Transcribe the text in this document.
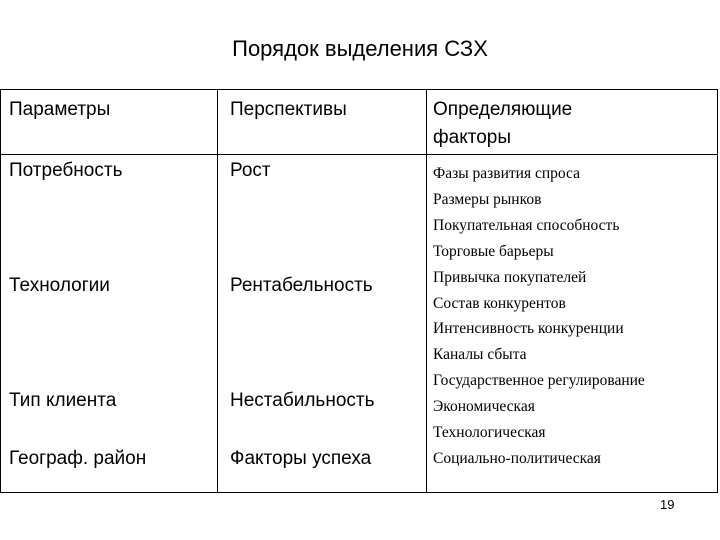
Порядок выделения СЗХ
Параметры	Перспективы	Определяющие факторы
Потребность
Технологии
Тип клиента
Географ. район
Рост
Рентабельность
Нестабильность
Факторы успеха
Фазы развития спроса
Размеры рынков
Покупательная способность
Торговые барьеры
Привычка покупателей
Состав конкурентов
Интенсивность конкуренции
Каналы сбыта
Государственное регулирование
Экономическая
Технологическая
Социально-политическая
19
